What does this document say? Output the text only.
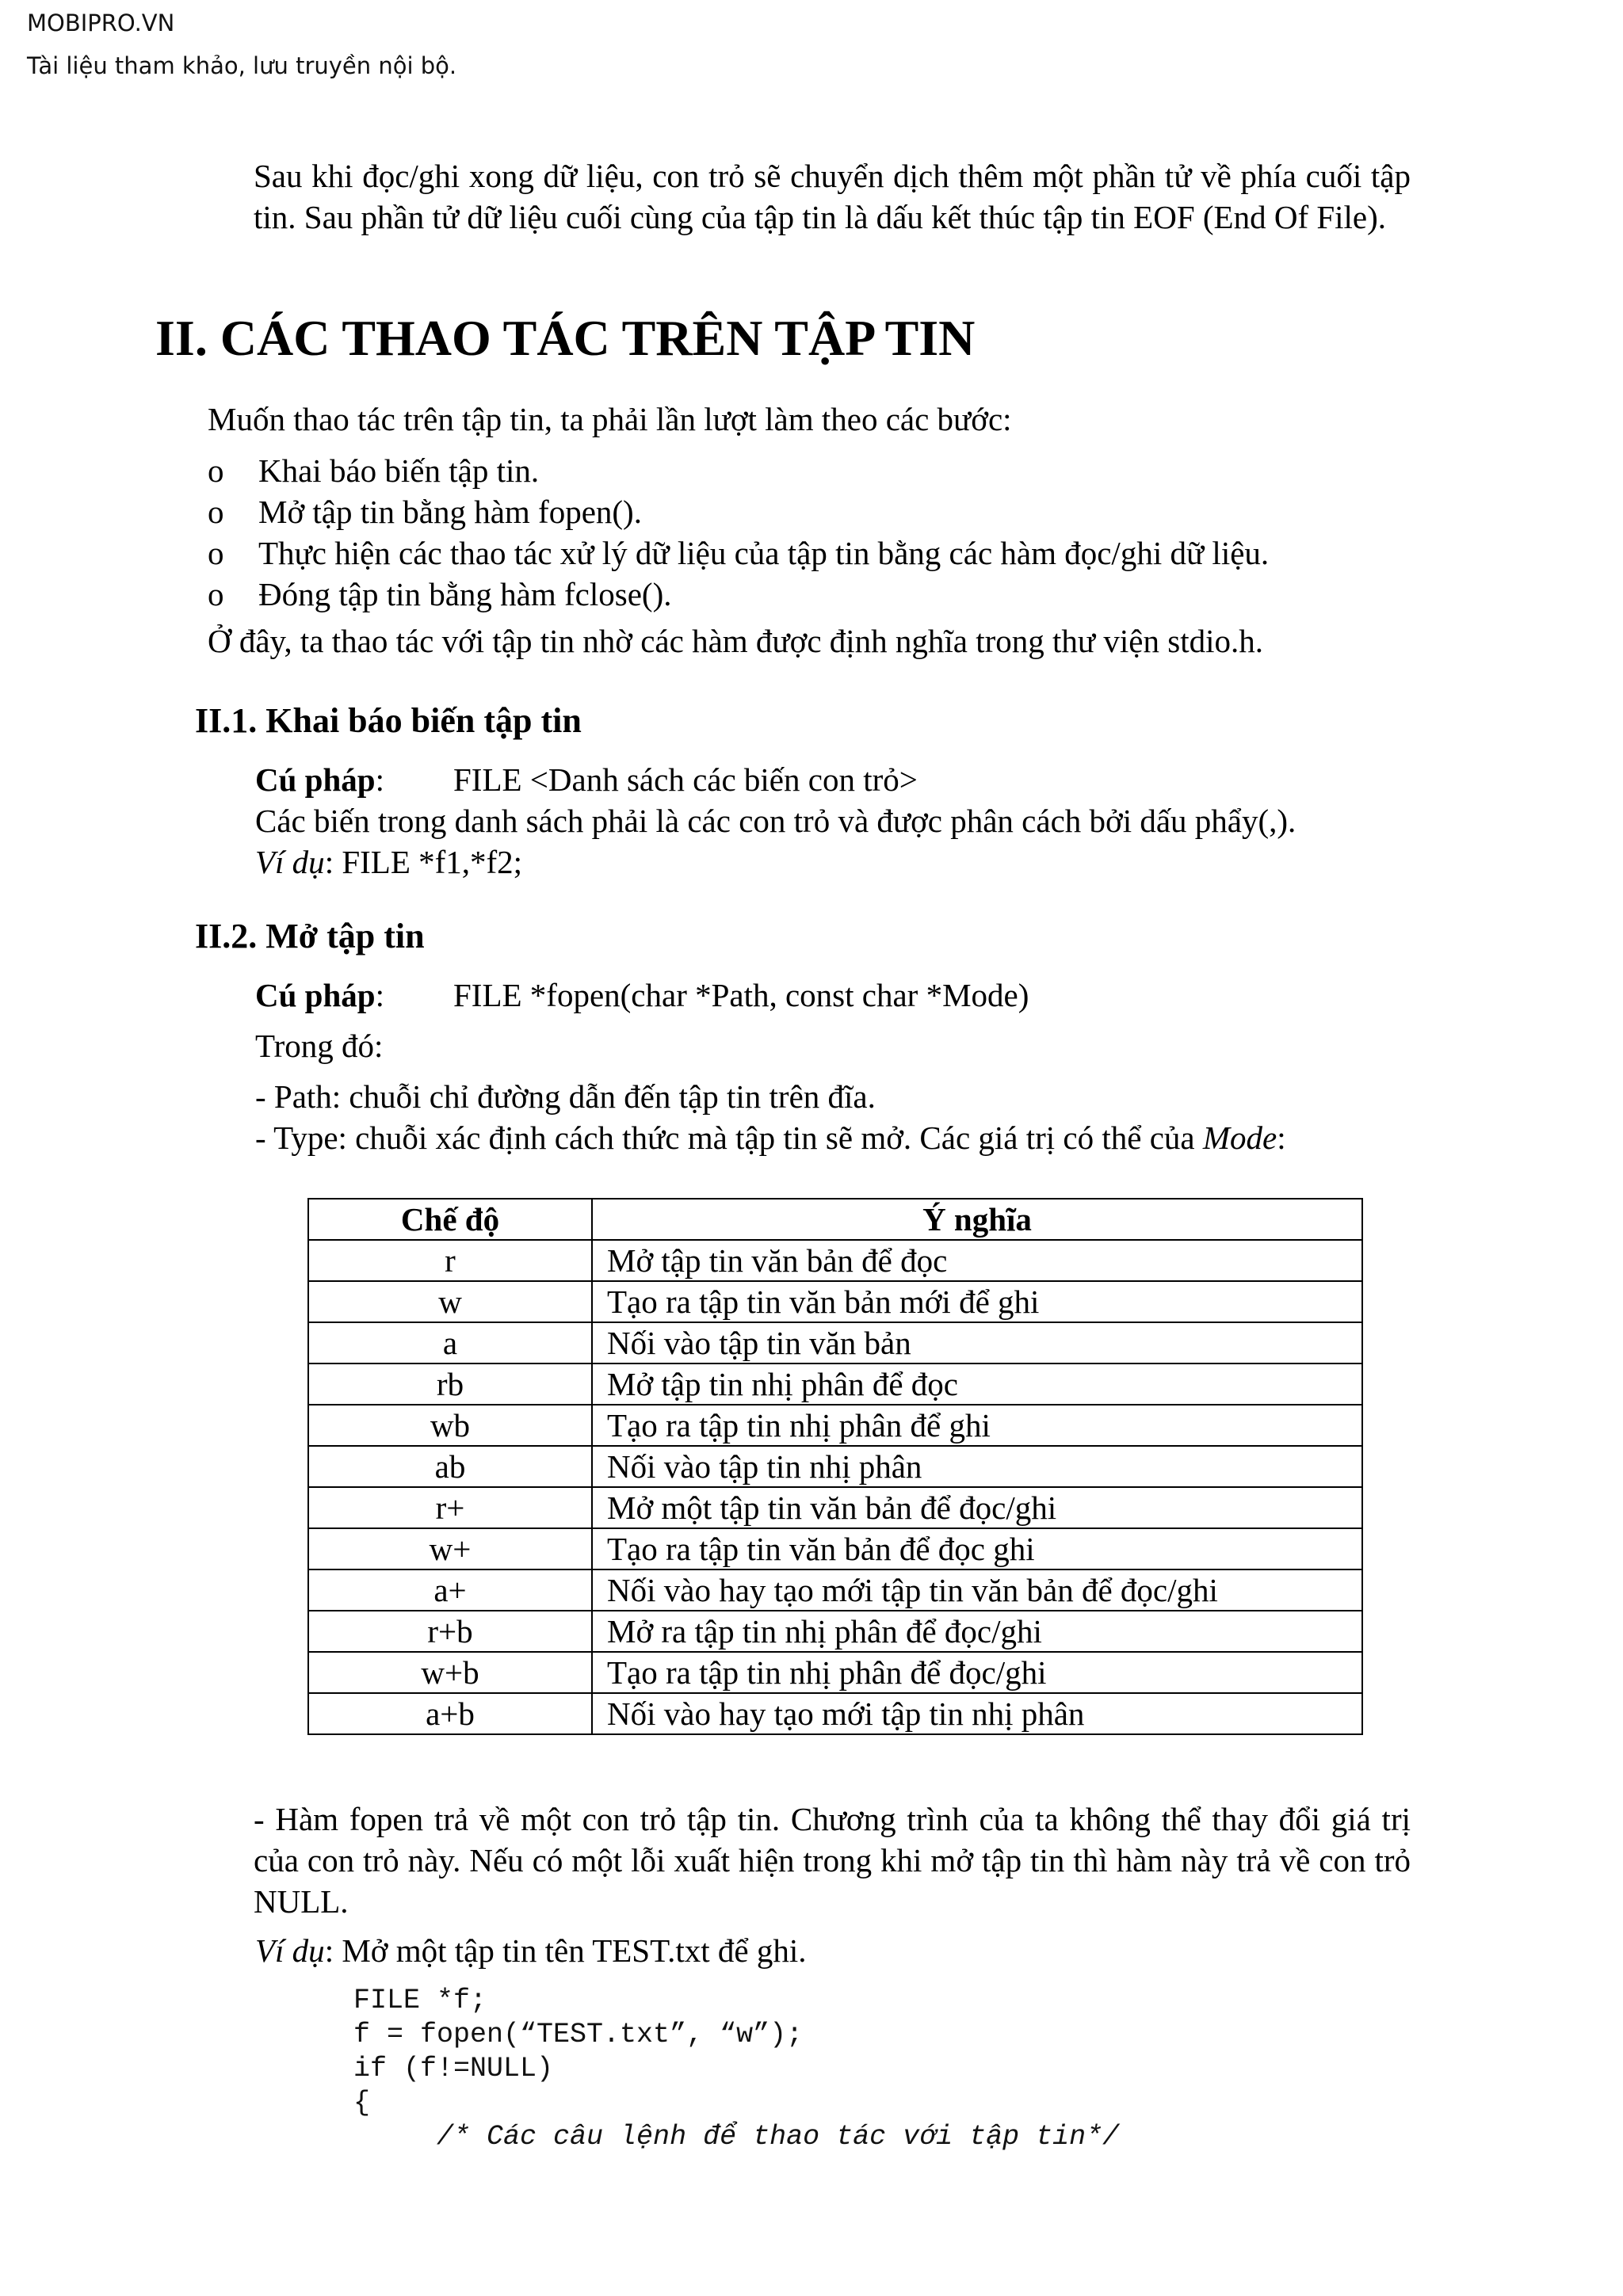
MOBIPRO.VN
Tài liệu tham khảo, lưu truyền nội bộ.
Sau khi đọc/ghi xong dữ liệu, con trỏ sẽ chuyển dịch thêm một phần tử về phía cuối tập tin. Sau phần tử dữ liệu cuối cùng của tập tin là dấu kết thúc tập tin EOF (End Of File).
II. CÁC THAO TÁC TRÊN TẬP TIN
Muốn thao tác trên tập tin, ta phải lần lượt làm theo các bước:
o Khai báo biến tập tin.
o Mở tập tin bằng hàm fopen().
o Thực hiện các thao tác xử lý dữ liệu của tập tin bằng các hàm đọc/ghi dữ liệu.
o Đóng tập tin bằng hàm fclose().
Ở đây, ta thao tác với tập tin nhờ các hàm được định nghĩa trong thư viện stdio.h.
II.1. Khai báo biến tập tin
Cú pháp: FILE <Danh sách các biến con trỏ>
Các biến trong danh sách phải là các con trỏ và được phân cách bởi dấu phẩy(,).
Ví dụ: FILE *f1,*f2;
II.2. Mở tập tin
Cú pháp: FILE *fopen(char *Path, const char *Mode)
Trong đó:
- Path: chuỗi chỉ đường dẫn đến tập tin trên đĩa.
- Type: chuỗi xác định cách thức mà tập tin sẽ mở. Các giá trị có thể của Mode:
Chế độ	Ý nghĩa
r	Mở tập tin văn bản để đọc
w	Tạo ra tập tin văn bản mới để ghi
a	Nối vào tập tin văn bản
rb	Mở tập tin nhị phân để đọc
wb	Tạo ra tập tin nhị phân để ghi
ab	Nối vào tập tin nhị phân
r+	Mở một tập tin văn bản để đọc/ghi
w+	Tạo ra tập tin văn bản để đọc ghi
a+	Nối vào hay tạo mới tập tin văn bản để đọc/ghi
r+b	Mở ra tập tin nhị phân để đọc/ghi
w+b	Tạo ra tập tin nhị phân để đọc/ghi
a+b	Nối vào hay tạo mới tập tin nhị phân
- Hàm fopen trả về một con trỏ tập tin. Chương trình của ta không thể thay đổi giá trị của con trỏ này. Nếu có một lỗi xuất hiện trong khi mở tập tin thì hàm này trả về con trỏ NULL.
Ví dụ: Mở một tập tin tên TEST.txt để ghi.
FILE *f;
f = fopen(“TEST.txt”, “w”);
if (f!=NULL)
{
/* Các câu lệnh để thao tác với tập tin*/
